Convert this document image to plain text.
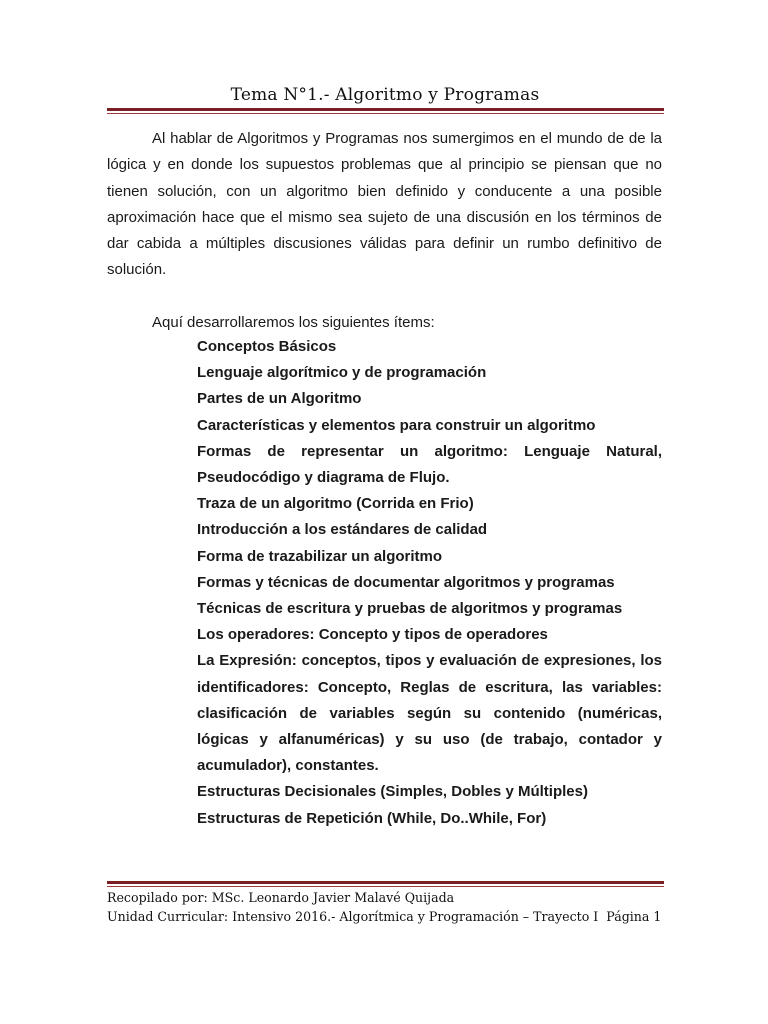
Tema N°1.- Algoritmo y Programas
Al hablar de Algoritmos y Programas nos sumergimos en el mundo de de la lógica y en donde los supuestos problemas que al principio se piensan que no tienen solución, con un algoritmo bien definido y conducente a una posible aproximación hace que el mismo sea sujeto de una discusión en los términos de dar cabida a múltiples discusiones válidas para definir un rumbo definitivo de solución.
Aquí desarrollaremos los siguientes ítems:
Conceptos Básicos
Lenguaje algorítmico y de programación
Partes de un Algoritmo
Características y elementos para construir un algoritmo
Formas de representar un algoritmo: Lenguaje Natural, Pseudocódigo y diagrama de Flujo.
Traza de un algoritmo (Corrida en Frio)
Introducción a los estándares de calidad
Forma de trazabilizar un algoritmo
Formas y técnicas de documentar algoritmos y programas
Técnicas de escritura y pruebas de algoritmos y programas
Los operadores: Concepto y tipos de operadores
La Expresión: conceptos, tipos y evaluación de expresiones, los identificadores: Concepto, Reglas de escritura, las variables: clasificación de variables según su contenido (numéricas, lógicas y alfanuméricas) y su uso (de trabajo, contador y acumulador), constantes.
Estructuras Decisionales (Simples, Dobles y Múltiples)
Estructuras de Repetición (While, Do..While, For)
Recopilado por: MSc. Leonardo Javier Malavé Quijada
Unidad Curricular: Intensivo 2016.- Algorítmica y Programación – Trayecto I Página 1
